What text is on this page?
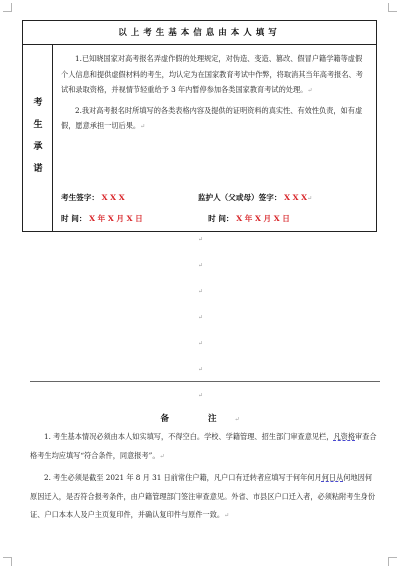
以上考生基本信息由本人填写
考
生
承
诺

1.已知晓国家对高考报名弄虚作假的处理规定，对伪造、变造、篡改、假冒户籍学籍等虚假个人信息和提供虚假材料的考生，均认定为在国家教育考试中作弊，将取消其当年高考报名、考试和录取资格，并视情节轻重给予 3 年内暂停参加各类国家教育考试的处理。↵

2.我对高考报名时所填写的各类表格内容及提供的证明资料的真实性、有效性负责，如有虚假，愿意承担一切后果。↵

考生签字： X X X	监护人（父或母）签字： X X X↵
时 间： X 年 X 月 X 日	时 间： X 年 X 月 X 日
↵
↵
↵
↵
↵
↵
↵
备 注↵

1. 考生基本情况必须由本人如实填写，不得空白。学校、学籍管理、招生部门审查意见栏，凡资格审查合格考生均应填写“符合条件，同意报考”。↵

2. 考生必须是截至 2021 年 8 月 31 日前常住户籍，凡户口有迁转者应填写于何年何月何日从何地因何原因迁入，是否符合报考条件，由户籍管理部门签注审查意见。外省、市县区户口迁入者，必须粘附考生身份证、户口本本人及户主页复印件，并确认复印件与原件一致。↵
